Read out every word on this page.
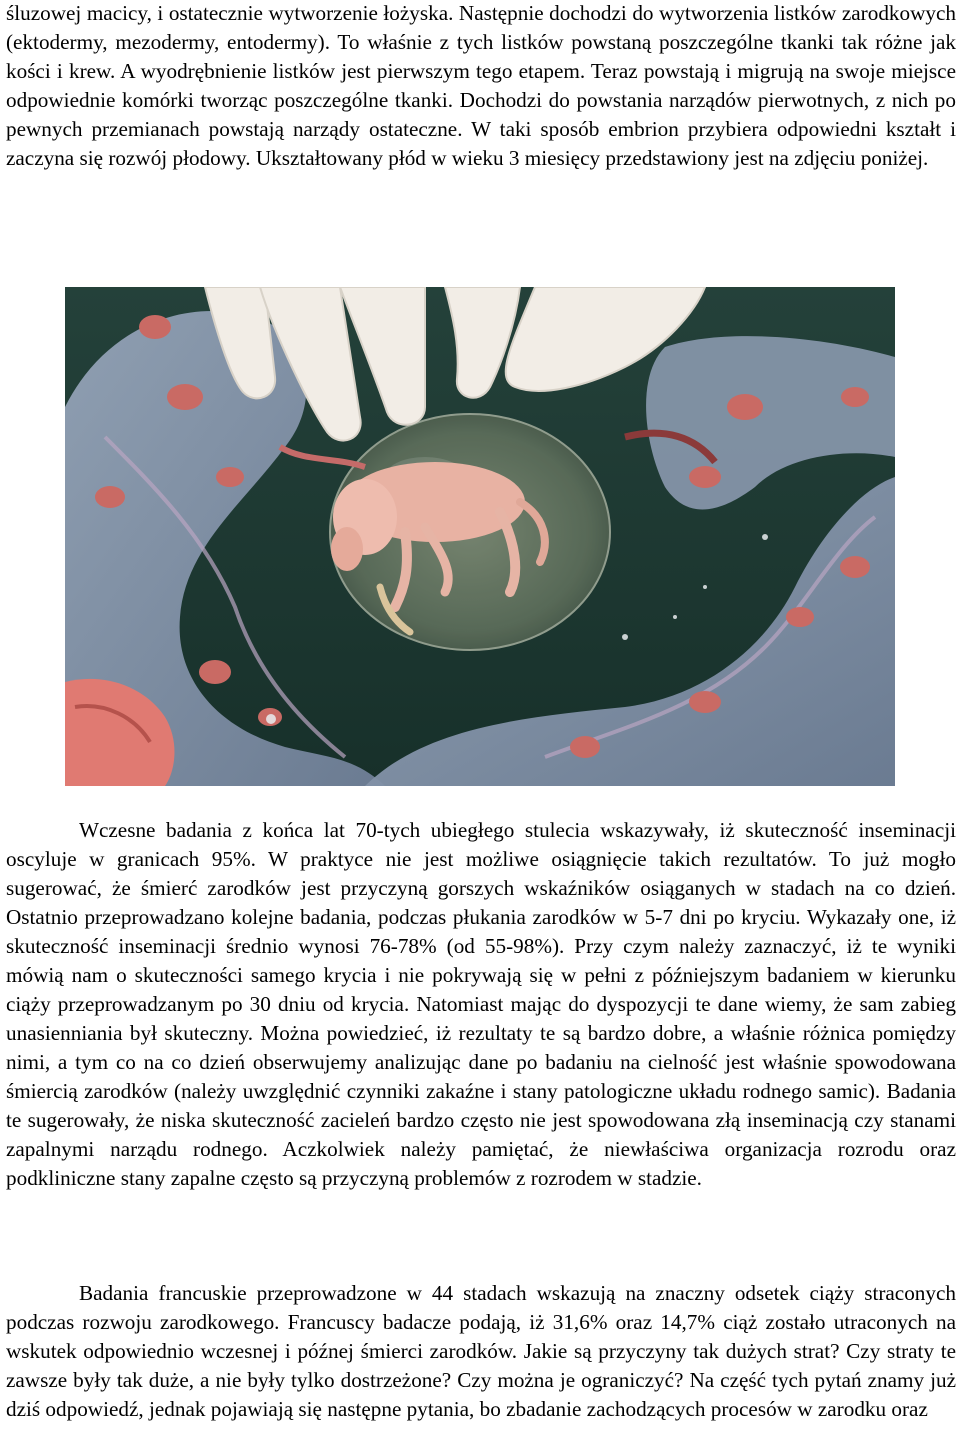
śluzowej macicy, i ostatecznie wytworzenie łożyska. Następnie dochodzi do wytworzenia listków zarodkowych (ektodermy, mezodermy, entodermy). To właśnie z tych listków powstaną poszczególne tkanki tak różne jak kości i krew. A wyodrębnienie listków jest pierwszym tego etapem. Teraz powstają i migrują na swoje miejsce odpowiednie komórki tworząc poszczególne tkanki. Dochodzi do powstania narządów pierwotnych, z nich po pewnych przemianach powstają narządy ostateczne. W taki sposób embrion przybiera odpowiedni kształt i zaczyna się rozwój płodowy. Ukształtowany płód w wieku 3 miesięcy przedstawiony jest na zdjęciu poniżej.

Wczesne badania z końca lat 70-tych ubiegłego stulecia wskazywały, iż skuteczność inseminacji oscyluje w granicach 95%. W praktyce nie jest możliwe osiągnięcie takich rezultatów. To już mogło sugerować, że śmierć zarodków jest przyczyną gorszych wskaźników osiąganych w stadach na co dzień. Ostatnio przeprowadzano kolejne badania, podczas płukania zarodków w 5-7 dni po kryciu. Wykazały one, iż skuteczność inseminacji średnio wynosi 76-78% (od 55-98%). Przy czym należy zaznaczyć, iż te wyniki mówią nam o skuteczności samego krycia i nie pokrywają się w pełni z późniejszym badaniem w kierunku ciąży przeprowadzanym po 30 dniu od krycia. Natomiast mając do dyspozycji te dane wiemy, że sam zabieg unasienniania był skuteczny. Można powiedzieć, iż rezultaty te są bardzo dobre, a właśnie różnica pomiędzy nimi, a tym co na co dzień obserwujemy analizując dane po badaniu na cielność jest właśnie spowodowana śmiercią zarodków (należy uwzględnić czynniki zakaźne i stany patologiczne układu rodnego samic). Badania te sugerowały, że niska skuteczność zacieleń bardzo często nie jest spowodowana złą inseminacją czy stanami zapalnymi narządu rodnego. Aczkolwiek należy pamiętać, że niewłaściwa organizacja rozrodu oraz podkliniczne stany zapalne często są przyczyną problemów z rozrodem w stadzie.

Badania francuskie przeprowadzone w 44 stadach wskazują na znaczny odsetek ciąży straconych podczas rozwoju zarodkowego. Francuscy badacze podają, iż 31,6% oraz 14,7% ciąż zostało utraconych na wskutek odpowiednio wczesnej i późnej śmierci zarodków. Jakie są przyczyny tak dużych strat? Czy straty te zawsze były tak duże, a nie były tylko dostrzeżone? Czy można je ograniczyć? Na część tych pytań znamy już dziś odpowiedź, jednak pojawiają się następne pytania, bo zbadanie zachodzących procesów w zarodku oraz
